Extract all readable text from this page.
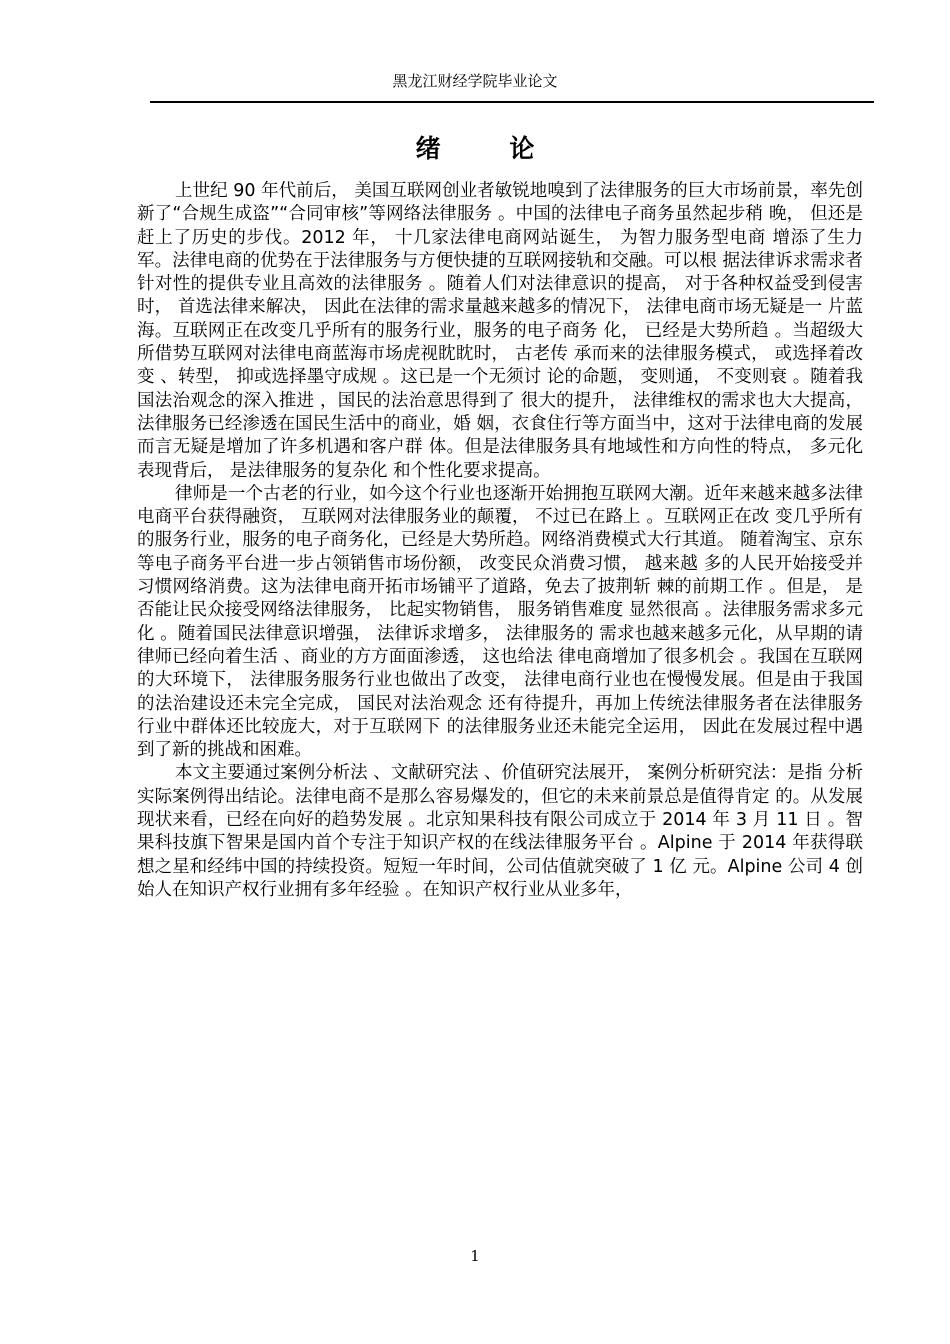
黑龙江财经学院毕业论文
绪 论

上世纪 90 年代前后， 美国互联网创业者敏锐地嗅到了法律服务的巨大市场前景，率先创新了“合规生成盗”“合同审核”等网络法律服务 。中国的法律电子商务虽然起步稍 晚， 但还是赶上了历史的步伐。2012 年， 十几家法律电商网站诞生， 为智力服务型电商 增添了生力军。法律电商的优势在于法律服务与方便快捷的互联网接轨和交融。可以根 据法律诉求需求者针对性的提供专业且高效的法律服务 。随着人们对法律意识的提高， 对于各种权益受到侵害时， 首选法律来解决， 因此在法律的需求量越来越多的情况下， 法律电商市场无疑是一 片蓝海。互联网正在改变几乎所有的服务行业，服务的电子商务 化， 已经是大势所趋 。当超级大所借势互联网对法律电商蓝海市场虎视眈眈时， 古老传 承而来的法律服务模式， 或选择着改变 、转型， 抑或选择墨守成规 。这已是一个无须讨 论的命题， 变则通， 不变则衰 。随着我国法治观念的深入推进 ，国民的法治意思得到了 很大的提升， 法律维权的需求也大大提高， 法律服务已经渗透在国民生活中的商业，婚 姻，衣食住行等方面当中，这对于法律电商的发展而言无疑是增加了许多机遇和客户群 体。但是法律服务具有地域性和方向性的特点， 多元化表现背后， 是法律服务的复杂化 和个性化要求提高。

律师是一个古老的行业，如今这个行业也逐渐开始拥抱互联网大潮。近年来越来越多法律电商平台获得融资， 互联网对法律服务业的颠覆， 不过已在路上 。互联网正在改 变几乎所有的服务行业，服务的电子商务化，已经是大势所趋。网络消费模式大行其道。 随着淘宝、京东等电子商务平台进一步占领销售市场份额， 改变民众消费习惯， 越来越 多的人民开始接受并习惯网络消费。这为法律电商开拓市场铺平了道路，免去了披荆斩 棘的前期工作 。但是， 是否能让民众接受网络法律服务， 比起实物销售， 服务销售难度 显然很高 。法律服务需求多元化 。随着国民法律意识增强， 法律诉求增多， 法律服务的 需求也越来越多元化，从早期的请律师已经向着生活 、商业的方方面面渗透， 这也给法 律电商增加了很多机会 。我国在互联网的大环境下， 法律服务服务行业也做出了改变， 法律电商行业也在慢慢发展。但是由于我国的法治建设还未完全完成， 国民对法治观念 还有待提升，再加上传统法律服务者在法律服务行业中群体还比较庞大，对于互联网下 的法律服务业还未能完全运用， 因此在发展过程中遇到了新的挑战和困难。

本文主要通过案例分析法 、文献研究法 、价值研究法展开， 案例分析研究法：是指 分析实际案例得出结论。法律电商不是那么容易爆发的，但它的未来前景总是值得肯定 的。从发展现状来看，已经在向好的趋势发展 。北京知果科技有限公司成立于 2014 年 3 月 11 日 。智果科技旗下智果是国内首个专注于知识产权的在线法律服务平台 。Alpine 于 2014 年获得联想之星和经纬中国的持续投资。短短一年时间，公司估值就突破了 1 亿 元。Alpine 公司 4 创始人在知识产权行业拥有多年经验 。在知识产权行业从业多年，

1
